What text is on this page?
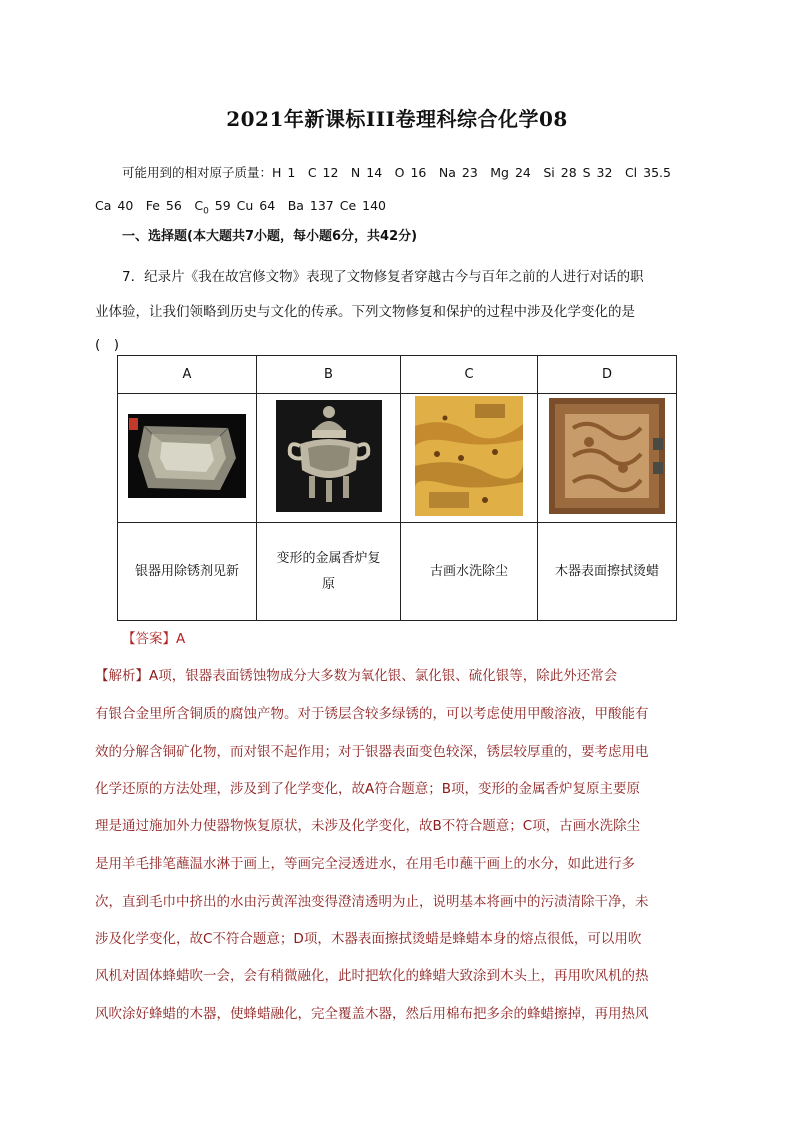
2021年新课标III卷理科综合化学08
可能用到的相对原子质量：H 1　C 12　N 14　O 16　Na 23　Mg 24　Si 28 S 32　Cl 35.5
Ca 40　Fe 56　$C_0$ 59 Cu 64　Ba 137 Ce 140
一、选择题(本大题共7小题，每小题6分，共42分)
7．纪录片《我在故宫修文物》表现了文物修复者穿越古今与百年之前的人进行对话的职
业体验，让我们领略到历史与文化的传承。下列文物修复和保护的过程中涉及化学变化的是
(　)
A	B	C	D

银器用除锈剂见新	变形的金属香炉复
原	古画水洗除尘	木器表面擦拭烫蜡
【答案】A
【解析】A项，银器表面锈蚀物成分大多数为氧化银、氯化银、硫化银等，除此外还常会
有银合金里所含铜质的腐蚀产物。对于锈层含较多绿锈的，可以考虑使用甲酸溶液，甲酸能有
效的分解含铜矿化物，而对银不起作用；对于银器表面变色较深，锈层较厚重的，要考虑用电
化学还原的方法处理，涉及到了化学变化，故A符合题意；B项，变形的金属香炉复原主要原
理是通过施加外力使器物恢复原状，未涉及化学变化，故B不符合题意；C项，古画水洗除尘
是用羊毛排笔蘸温水淋于画上，等画完全浸透进水，在用毛巾蘸干画上的水分，如此进行多
次，直到毛巾中挤出的水由污黄浑浊变得澄清透明为止，说明基本将画中的污渍清除干净，未
涉及化学变化，故C不符合题意；D项，木器表面擦拭烫蜡是蜂蜡本身的熔点很低，可以用吹
风机对固体蜂蜡吹一会，会有稍微融化，此时把软化的蜂蜡大致涂到木头上，再用吹风机的热
风吹涂好蜂蜡的木器，使蜂蜡融化，完全覆盖木器，然后用棉布把多余的蜂蜡擦掉，再用热风
